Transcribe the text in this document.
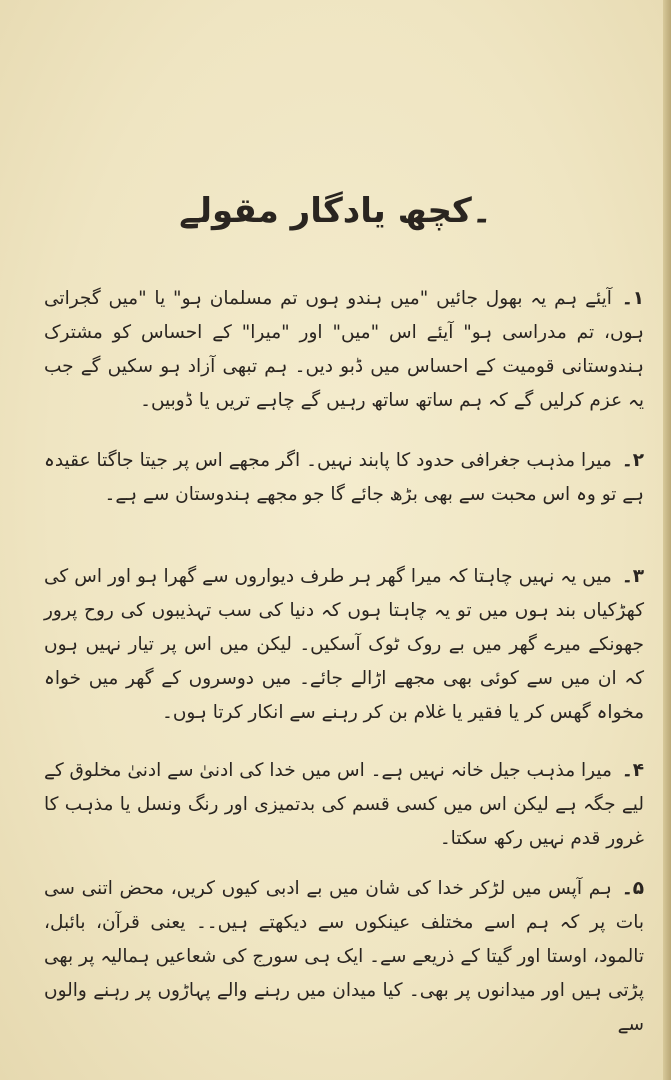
۔کچھ یادگار مقولے
۱۔آیئے ہم یہ بھول جائیں "میں ہندو ہوں تم مسلمان ہو" یا "میں گجراتی ہوں، تم مدراسی ہو" آیئے اس "میں" اور "میرا" کے احساس کو مشترک ہندوستانی قومیت کے احساس میں ڈبو دیں۔ ہم تبھی آزاد ہو سکیں گے جب یہ عزم کرلیں گے کہ ہم ساتھ ساتھ رہیں گے چاہے تریں یا ڈوبیں۔
۲۔میرا مذہب جغرافی حدود کا پابند نہیں۔ اگر مجھے اس پر جیتا جاگتا عقیدہ ہے تو وہ اس محبت سے بھی بڑھ جائے گا جو مجھے ہندوستان سے ہے۔
۳۔میں یہ نہیں چاہتا کہ میرا گھر ہر طرف دیواروں سے گھرا ہو اور اس کی کھڑکیاں بند ہوں میں تو یہ چاہتا ہوں کہ دنیا کی سب تہذیبوں کی روح پرور جھونکے میرے گھر میں بے روک ٹوک آسکیں۔ لیکن میں اس پر تیار نہیں ہوں کہ ان میں سے کوئی بھی مجھے اڑالے جائے۔ میں دوسروں کے گھر میں خواہ مخواہ گھس کر یا فقیر یا غلام بن کر رہنے سے انکار کرتا ہوں۔
۴۔میرا مذہب جیل خانہ نہیں ہے۔ اس میں خدا کی ادنیٰ سے ادنیٰ مخلوق کے لیے جگہ ہے لیکن اس میں کسی قسم کی بدتمیزی اور رنگ ونسل یا مذہب کا غرور قدم نہیں رکھ سکتا۔
۵۔ہم آپس میں لڑکر خدا کی شان میں بے ادبی کیوں کریں، محض اتنی سی بات پر کہ ہم اسے مختلف عینکوں سے دیکھتے ہیں۔۔ یعنی قرآن، بائبل، تالمود، اوستا اور گیتا کے ذریعے سے۔ ایک ہی سورج کی شعاعیں ہمالیہ پر بھی پڑتی ہیں اور میدانوں پر بھی۔ کیا میدان میں رہنے والے پہاڑوں پر رہنے والوں سے
